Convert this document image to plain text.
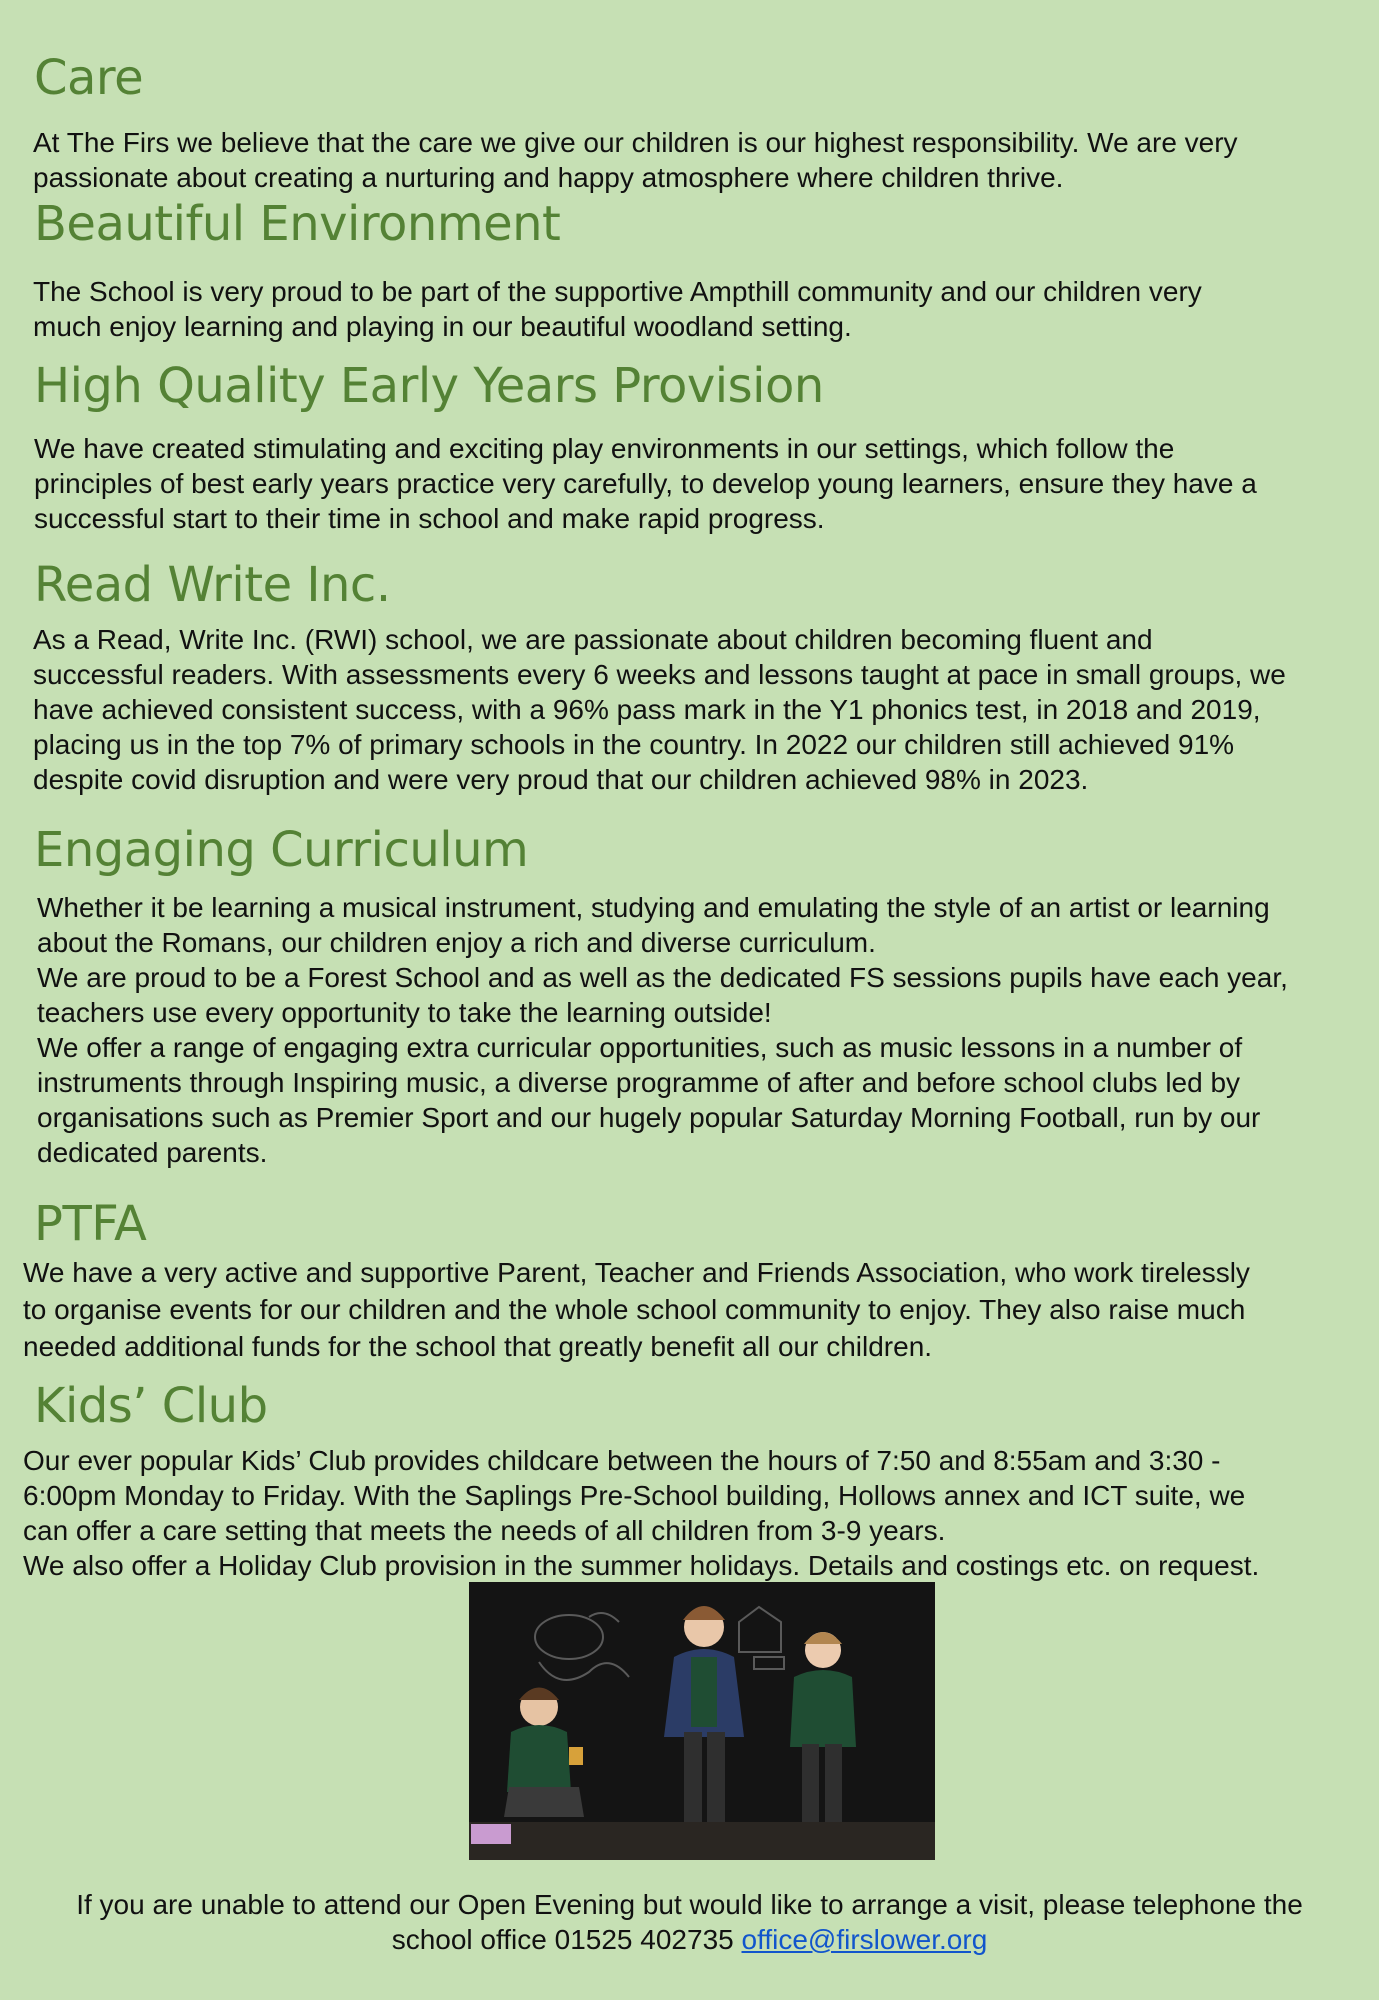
Care

At The Firs we believe that the care we give our children is our highest responsibility. We are very
passionate about creating a nurturing and happy atmosphere where children thrive.

Beautiful Environment

The School is very proud to be part of the supportive Ampthill community and our children very
much enjoy learning and playing in our beautiful woodland setting.

High Quality Early Years Provision

We have created stimulating and exciting play environments in our settings, which follow the
principles of best early years practice very carefully, to develop young learners, ensure they have a
successful start to their time in school and make rapid progress.

Read Write Inc.

As a Read, Write Inc. (RWI) school, we are passionate about children becoming fluent and
successful readers. With assessments every 6 weeks and lessons taught at pace in small groups, we
have achieved consistent success, with a 96% pass mark in the Y1 phonics test, in 2018 and 2019,
placing us in the top 7% of primary schools in the country. In 2022 our children still achieved 91%
despite covid disruption and were very proud that our children achieved 98% in 2023.

Engaging Curriculum

Whether it be learning a musical instrument, studying and emulating the style of an artist or learning
about the Romans, our children enjoy a rich and diverse curriculum.
We are proud to be a Forest School and as well as the dedicated FS sessions pupils have each year,
teachers use every opportunity to take the learning outside!
We offer a range of engaging extra curricular opportunities, such as music lessons in a number of
instruments through Inspiring music, a diverse programme of after and before school clubs led by
organisations such as Premier Sport and our hugely popular Saturday Morning Football, run by our
dedicated parents.

PTFA

We have a very active and supportive Parent, Teacher and Friends Association, who work tirelessly
to organise events for our children and the whole school community to enjoy. They also raise much
needed additional funds for the school that greatly benefit all our children.

Kids’ Club

Our ever popular Kids’ Club provides childcare between the hours of 7:50 and 8:55am and 3:30 -
6:00pm Monday to Friday. With the Saplings Pre-School building, Hollows annex and ICT suite, we
can offer a care setting that meets the needs of all children from 3-9 years.
We also offer a Holiday Club provision in the summer holidays. Details and costings etc. on request.

If you are unable to attend our Open Evening but would like to arrange a visit, please telephone the
school office 01525 402735 office@firslower.org
